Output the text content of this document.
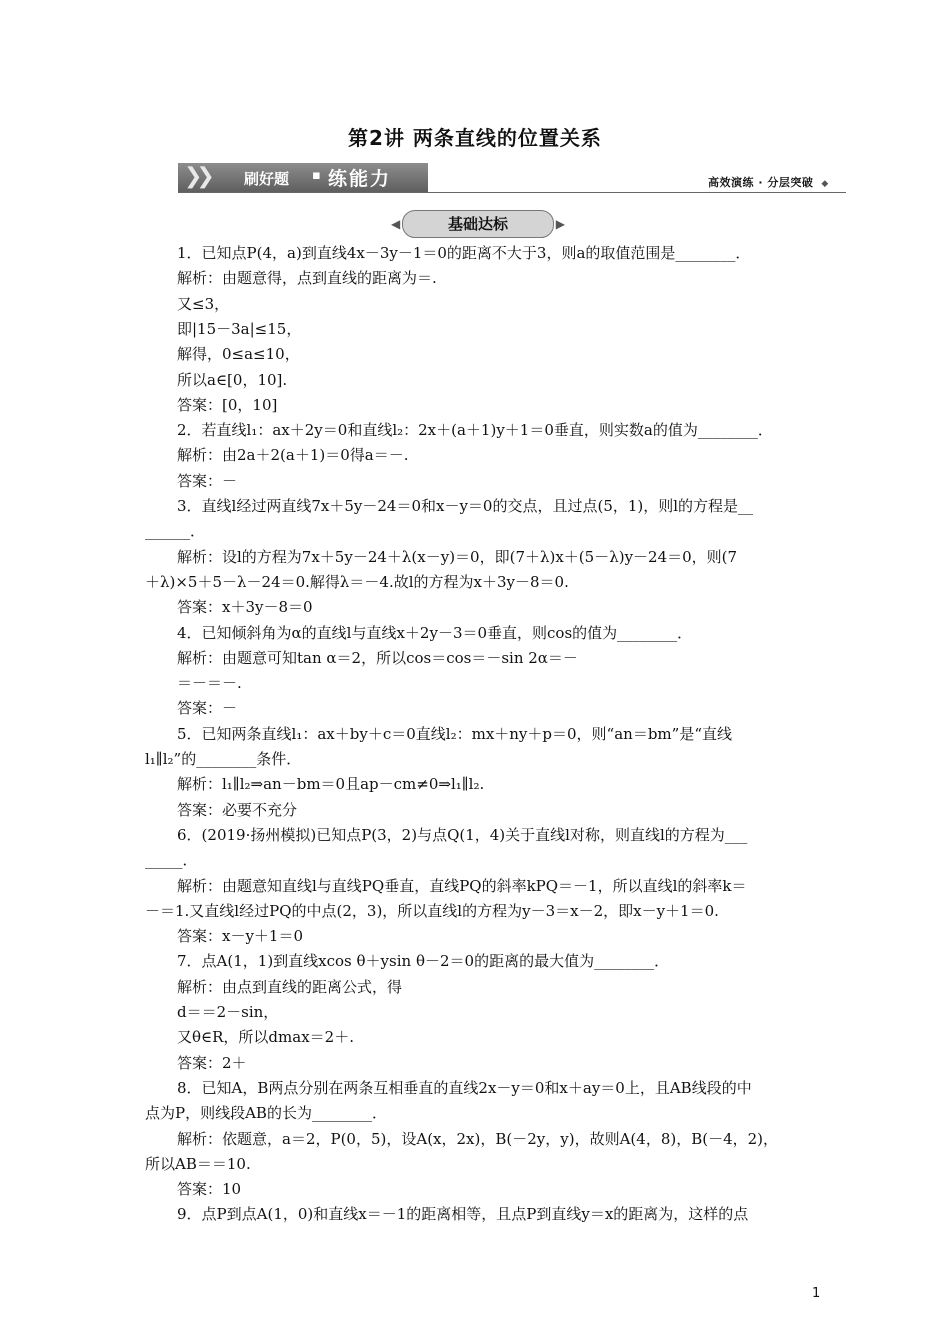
第2讲 两条直线的位置关系
❯❯ 刷好题 ▪ 练能力	高效演练 · 分层突破 ◆
◀	基础达标	▶
1．已知点P(4，a)到直线4x－3y－1＝0的距离不大于3，则a的取值范围是________．
解析：由题意得，点到直线的距离为＝.
又≤3，
即|15－3a|≤15，
解得，0≤a≤10，
所以a∈[0，10].
答案：[0，10]
2．若直线l₁：ax＋2y＝0和直线l₂：2x＋(a＋1)y＋1＝0垂直，则实数a的值为________．
解析：由2a＋2(a＋1)＝0得a＝－.
答案：－
3．直线l经过两直线7x＋5y－24＝0和x－y＝0的交点，且过点(5，1)，则l的方程是__
______．
解析：设l的方程为7x＋5y－24＋λ(x－y)＝0，即(7＋λ)x＋(5－λ)y－24＝0，则(7
＋λ)×5＋5－λ－24＝0.解得λ＝－4.故l的方程为x＋3y－8＝0.
答案：x＋3y－8＝0
4．已知倾斜角为α的直线l与直线x＋2y－3＝0垂直，则cos的值为________．
解析：由题意可知tan α＝2，所以cos＝cos＝－sin 2α＝－
＝－＝－.
答案：－
5．已知两条直线l₁：ax＋by＋c＝0直线l₂：mx＋ny＋p＝0，则“an＝bm”是“直线
l₁∥l₂”的________条件．
解析：l₁∥l₂⇒an－bm＝0且ap－cm≠0⇒l₁∥l₂.
答案：必要不充分
6．(2019·扬州模拟)已知点P(3，2)与点Q(1，4)关于直线l对称，则直线l的方程为___
_____．
解析：由题意知直线l与直线PQ垂直，直线PQ的斜率kPQ＝－1，所以直线l的斜率k＝
－＝1.又直线l经过PQ的中点(2，3)，所以直线l的方程为y－3＝x－2，即x－y＋1＝0.
答案：x－y＋1＝0
7．点A(1，1)到直线xcos θ＋ysin θ－2＝0的距离的最大值为________．
解析：由点到直线的距离公式，得
d＝＝2－sin，
又θ∈R，所以dmax＝2＋.
答案：2＋
8．已知A，B两点分别在两条互相垂直的直线2x－y＝0和x＋ay＝0上，且AB线段的中
点为P，则线段AB的长为________．
解析：依题意，a＝2，P(0，5)，设A(x，2x)，B(－2y，y)，故则A(4，8)，B(－4，2)，
所以AB＝＝10.
答案：10
9．点P到点A(1，0)和直线x＝－1的距离相等，且点P到直线y＝x的距离为，这样的点
1
